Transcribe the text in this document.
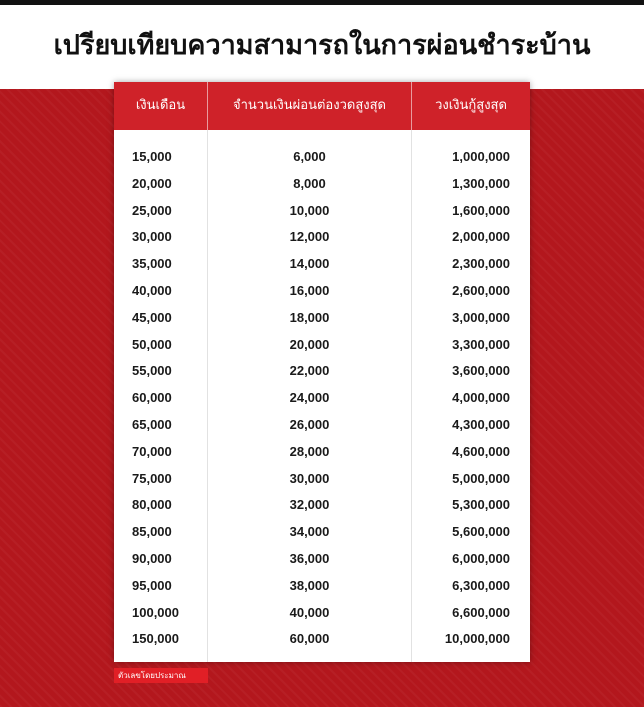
เปรียบเทียบความสามารถในการผ่อนชำระบ้าน
เงินเดือน	จำนวนเงินผ่อนต่องวดสูงสุด	วงเงินกู้สูงสุด
15,000	6,000	1,000,000
20,000	8,000	1,300,000
25,000	10,000	1,600,000
30,000	12,000	2,000,000
35,000	14,000	2,300,000
40,000	16,000	2,600,000
45,000	18,000	3,000,000
50,000	20,000	3,300,000
55,000	22,000	3,600,000
60,000	24,000	4,000,000
65,000	26,000	4,300,000
70,000	28,000	4,600,000
75,000	30,000	5,000,000
80,000	32,000	5,300,000
85,000	34,000	5,600,000
90,000	36,000	6,000,000
95,000	38,000	6,300,000
100,000	40,000	6,600,000
150,000	60,000	10,000,000
ตัวเลขโดยประมาณ
